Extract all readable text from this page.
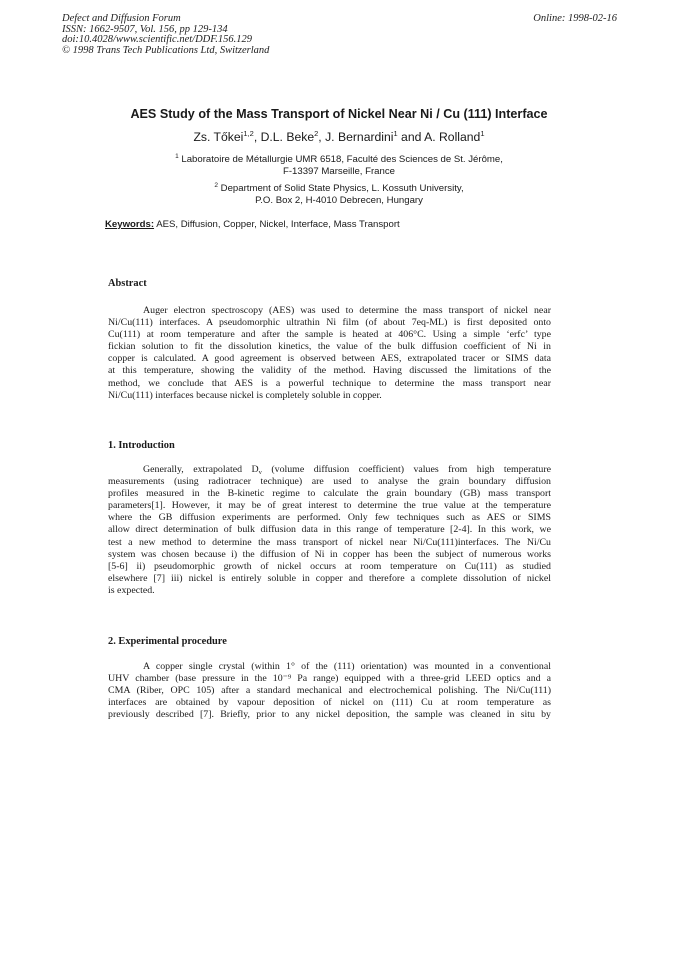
Defect and Diffusion Forum
ISSN: 1662-9507, Vol. 156, pp 129-134
doi:10.4028/www.scientific.net/DDF.156.129
© 1998 Trans Tech Publications Ltd, Switzerland
Online: 1998-02-16
AES Study of the Mass Transport of Nickel Near Ni / Cu (111) Interface
Zs. Tőkei$^{1,2}$, D.L. Beke$^2$, J. Bernardini$^1$ and A. Rolland$^1$
$^1$ Laboratoire de Métallurgie UMR 6518, Faculté des Sciences de St. Jérôme,
F-13397 Marseille, France
$^2$ Department of Solid State Physics, L. Kossuth University,
P.O. Box 2, H-4010 Debrecen, Hungary
Keywords: AES, Diffusion, Copper, Nickel, Interface, Mass Transport
Abstract
Auger electron spectroscopy (AES) was used to determine the mass transport of nickel near
Ni/Cu(111) interfaces. A pseudomorphic ultrathin Ni film (of about 7eq-ML) is first deposited onto
Cu(111) at room temperature and after the sample is heated at 406°C. Using a simple ‘erfc’ type
fickian solution to fit the dissolution kinetics, the value of the bulk diffusion coefficient of Ni in
copper is calculated. A good agreement is observed between AES, extrapolated tracer or SIMS data
at this temperature, showing the validity of the method. Having discussed the limitations of the
method, we conclude that AES is a powerful technique to determine the mass transport near
Ni/Cu(111) interfaces because nickel is completely soluble in copper.
1. Introduction
Generally, extrapolated $D_v$ (volume diffusion coefficient) values from high temperature
measurements (using radiotracer technique) are used to analyse the grain boundary diffusion
profiles measured in the B-kinetic regime to calculate the grain boundary (GB) mass transport
parameters[1]. However, it may be of great interest to determine the true value at the temperature
where the GB diffusion experiments are performed. Only few techniques such as AES or SIMS
allow direct determination of bulk diffusion data in this range of temperature [2-4]. In this work, we
test a new method to determine the mass transport of nickel near Ni/Cu(111)interfaces. The Ni/Cu
system was chosen because i) the diffusion of Ni in copper has been the subject of numerous works
[5-6] ii) pseudomorphic growth of nickel occurs at room temperature on Cu(111) as studied
elsewhere [7] iii) nickel is entirely soluble in copper and therefore a complete dissolution of nickel
is expected.
2. Experimental procedure
A copper single crystal (within 1° of the (111) orientation) was mounted in a conventional
UHV chamber (base pressure in the 10⁻⁹ Pa range) equipped with a three-grid LEED optics and a
CMA (Riber, OPC 105) after a standard mechanical and electrochemical polishing. The Ni/Cu(111)
interfaces are obtained by vapour deposition of nickel on (111) Cu at room temperature as
previously described [7]. Briefly, prior to any nickel deposition, the sample was cleaned in situ by
